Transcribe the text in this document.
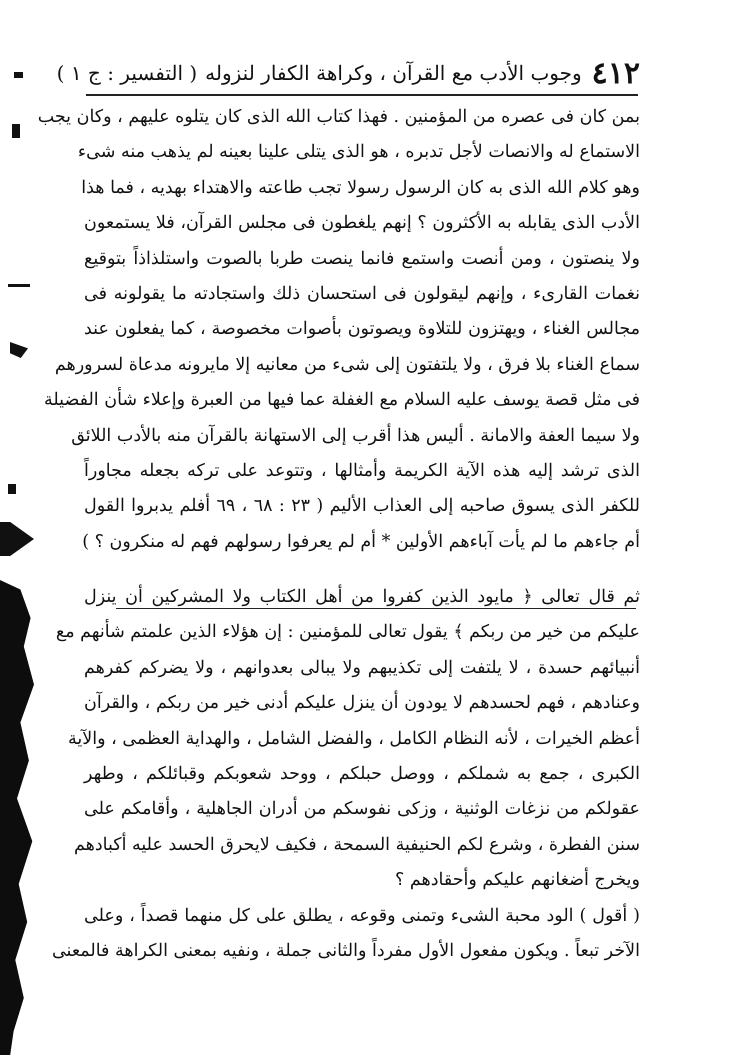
٤١٢
وجوب الأدب مع القرآن ، وكراهة الكفار لنزوله
( التفسير : ج ١ )
بمن كان فى عصره من المؤمنين . فهذا كتاب الله الذى كان يتلوه عليهم ، وكان يجب
الاستماع له والانصات لأجل تدبره ، هو الذى يتلى علينا بعينه لم يذهب منه شىء
وهو كلام الله الذى به كان الرسول رسولا تجب طاعته والاهتداء بهديه ، فما هذا
الأدب الذى يقابله به الأكثرون ؟ إنهم يلغطون فى مجلس القرآن، فلا يستمعون
ولا ينصتون ، ومن أنصت واستمع فانما ينصت طربا بالصوت واستلذاذاً بتوقيع
نغمات القارىء ، وإنهم ليقولون فى استحسان ذلك واستجادته ما يقولونه فى
مجالس الغناء ، ويهتزون للتلاوة ويصوتون بأصوات مخصوصة ، كما يفعلون عند
سماع الغناء بلا فرق ، ولا يلتفتون إلى شىء من معانيه إلا مايرونه مدعاة لسرورهم
فى مثل قصة يوسف عليه السلام مع الغفلة عما فيها من العبرة وإعلاء شأن الفضيلة
ولا سيما العفة والامانة . أليس هذا أقرب إلى الاستهانة بالقرآن منه بالأدب اللائق
الذى ترشد إليه هذه الآية الكريمة وأمثالها ، وتتوعد على تركه بجعله مجاوراً
للكفر الذى يسوق صاحبه إلى العذاب الأليم ( ٢٣ : ٦٨ ، ٦٩ أفلم يدبروا القول
أم جاءهم ما لم يأت آباءهم الأولين * أم لم يعرفوا رسولهم فهم له منكرون ؟ )
ثم قال تعالى ﴿ مايود الذين كفروا من أهل الكتاب ولا المشركين أن ينزل
عليكم من خير من ربكم ﴾ يقول تعالى للمؤمنين : إن هؤلاء الذين علمتم شأنهم مع
أنبيائهم حسدة ، لا يلتفت إلى تكذيبهم ولا يبالى بعدوانهم ، ولا يضركم كفرهم
وعنادهم ، فهم لحسدهم لا يودون أن ينزل عليكم أدنى خير من ربكم ، والقرآن
أعظم الخيرات ، لأنه النظام الكامل ، والفضل الشامل ، والهداية العظمى ، والآية
الكبرى ، جمع به شملكم ، ووصل حبلكم ، ووحد شعوبكم وقبائلكم ، وطهر
عقولكم من نزغات الوثنية ، وزكى نفوسكم من أدران الجاهلية ، وأقامكم على
سنن الفطرة ، وشرع لكم الحنيفية السمحة ، فكيف لايحرق الحسد عليه أكبادهم
ويخرج أضغانهم عليكم وأحقادهم ؟
( أقول ) الود محبة الشىء وتمنى وقوعه ، يطلق على كل منهما قصداً ، وعلى
الآخر تبعاً . ويكون مفعول الأول مفرداً والثانى جملة ، ونفيه بمعنى الكراهة فالمعنى
